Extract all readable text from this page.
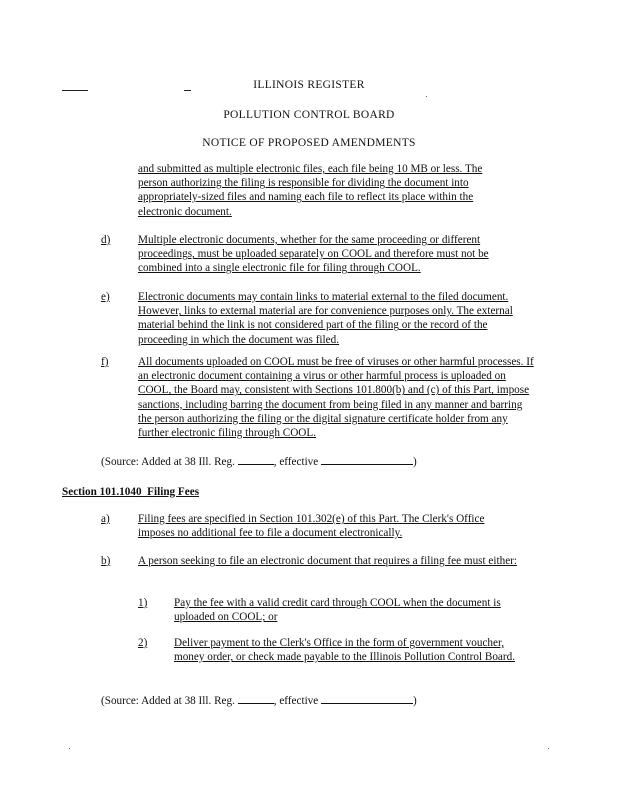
ILLINOIS REGISTER
POLLUTION CONTROL BOARD
NOTICE OF PROPOSED AMENDMENTS
and submitted as multiple electronic files, each file being 10 MB or less. The person authorizing the filing is responsible for dividing the document into appropriately-sized files and naming each file to reflect its place within the electronic document.
d) Multiple electronic documents, whether for the same proceeding or different proceedings, must be uploaded separately on COOL and therefore must not be combined into a single electronic file for filing through COOL.
e)	Electronic documents may contain links to material external to the filed document. However, links to external material are for convenience purposes only. The external material behind the link is not considered part of the filing or the record of the proceeding in which the document was filed.
f)	All documents uploaded on COOL must be free of viruses or other harmful processes. If an electronic document containing a virus or other harmful process is uploaded on COOL, the Board may, consistent with Sections 101.800(b) and (c) of this Part, impose sanctions, including barring the document from being filed in any manner and barring the person authorizing the filing or the digital signature certificate holder from any further electronic filing through COOL.
(Source: Added at 38 Ill. Reg.	, effective	)
Section 101.1040 Filing Fees
a)	Filing fees are specified in Section 101.302(e) of this Part. The Clerk's Office imposes no additional fee to file a document electronically.
b) A person seeking to file an electronic document that requires a filing fee must either:
1) Pay the fee with a valid credit card through COOL when the document is uploaded on COOL; or
2) Deliver payment to the Clerk's Office in the form of government voucher, money order, or check made payable to the Illinois Pollution Control Board.
(Source: Added at 38 Ill. Reg.	, effective	)
